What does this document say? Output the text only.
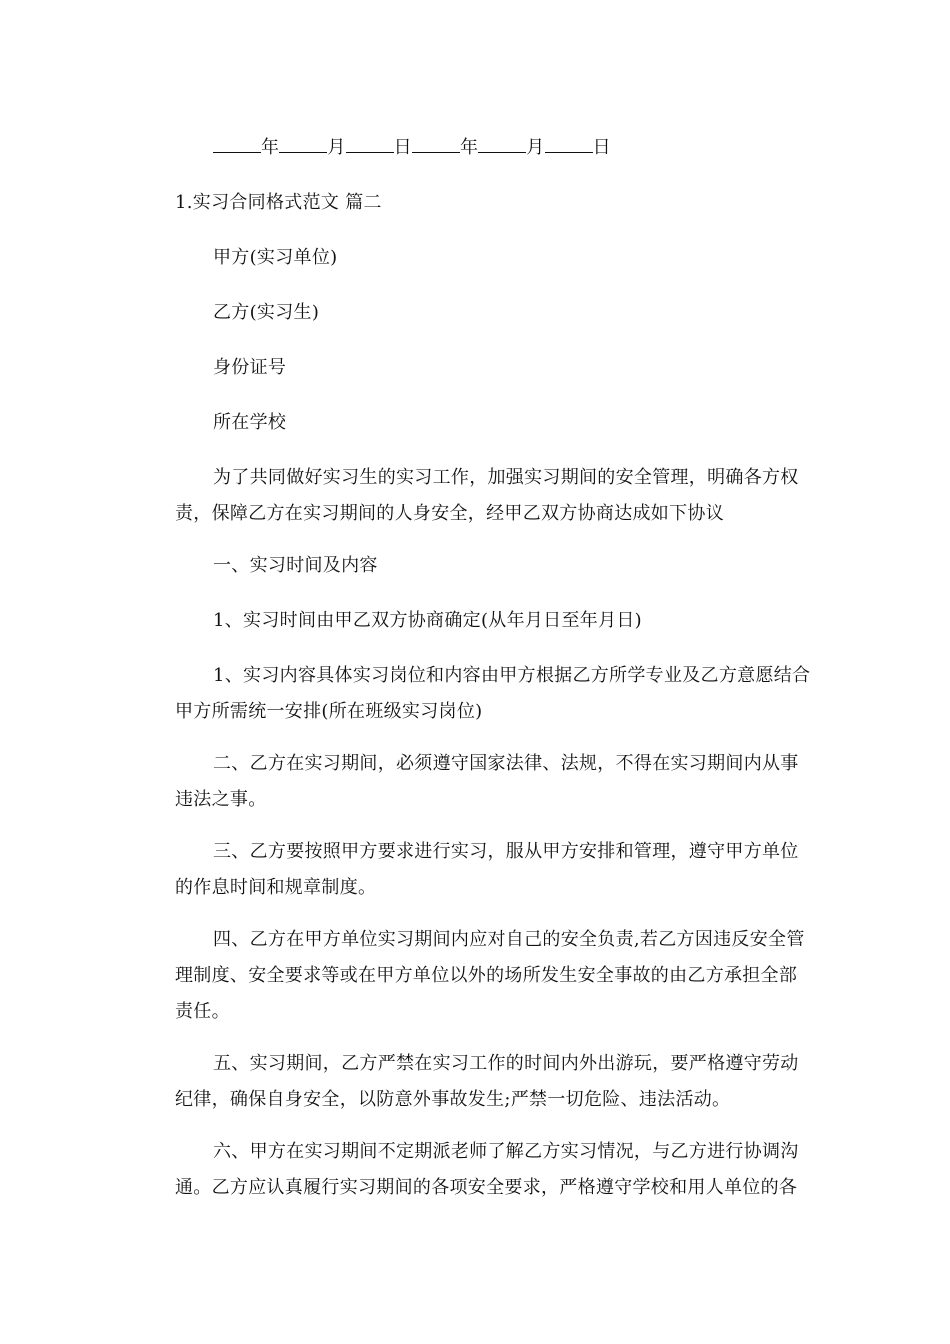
年	月	日	年	月	日
1.实习合同格式范文 篇二
甲方(实习单位)
乙方(实习生)
身份证号
所在学校
为了共同做好实习生的实习工作，加强实习期间的安全管理，明确各方权责，保障乙方在实习期间的人身安全，经甲乙双方协商达成如下协议
一、实习时间及内容
1、实习时间由甲乙双方协商确定(从年月日至年月日)
1、实习内容具体实习岗位和内容由甲方根据乙方所学专业及乙方意愿结合甲方所需统一安排(所在班级实习岗位)
二、乙方在实习期间，必须遵守国家法律、法规，不得在实习期间内从事违法之事。
三、乙方要按照甲方要求进行实习，服从甲方安排和管理，遵守甲方单位的作息时间和规章制度。
四、乙方在甲方单位实习期间内应对自己的安全负责,若乙方因违反安全管理制度、安全要求等或在甲方单位以外的场所发生安全事故的由乙方承担全部责任。
五、实习期间，乙方严禁在实习工作的时间内外出游玩，要严格遵守劳动纪律，确保自身安全，以防意外事故发生;严禁一切危险、违法活动。
六、甲方在实习期间不定期派老师了解乙方实习情况，与乙方进行协调沟通。乙方应认真履行实习期间的各项安全要求，严格遵守学校和用人单位的各
